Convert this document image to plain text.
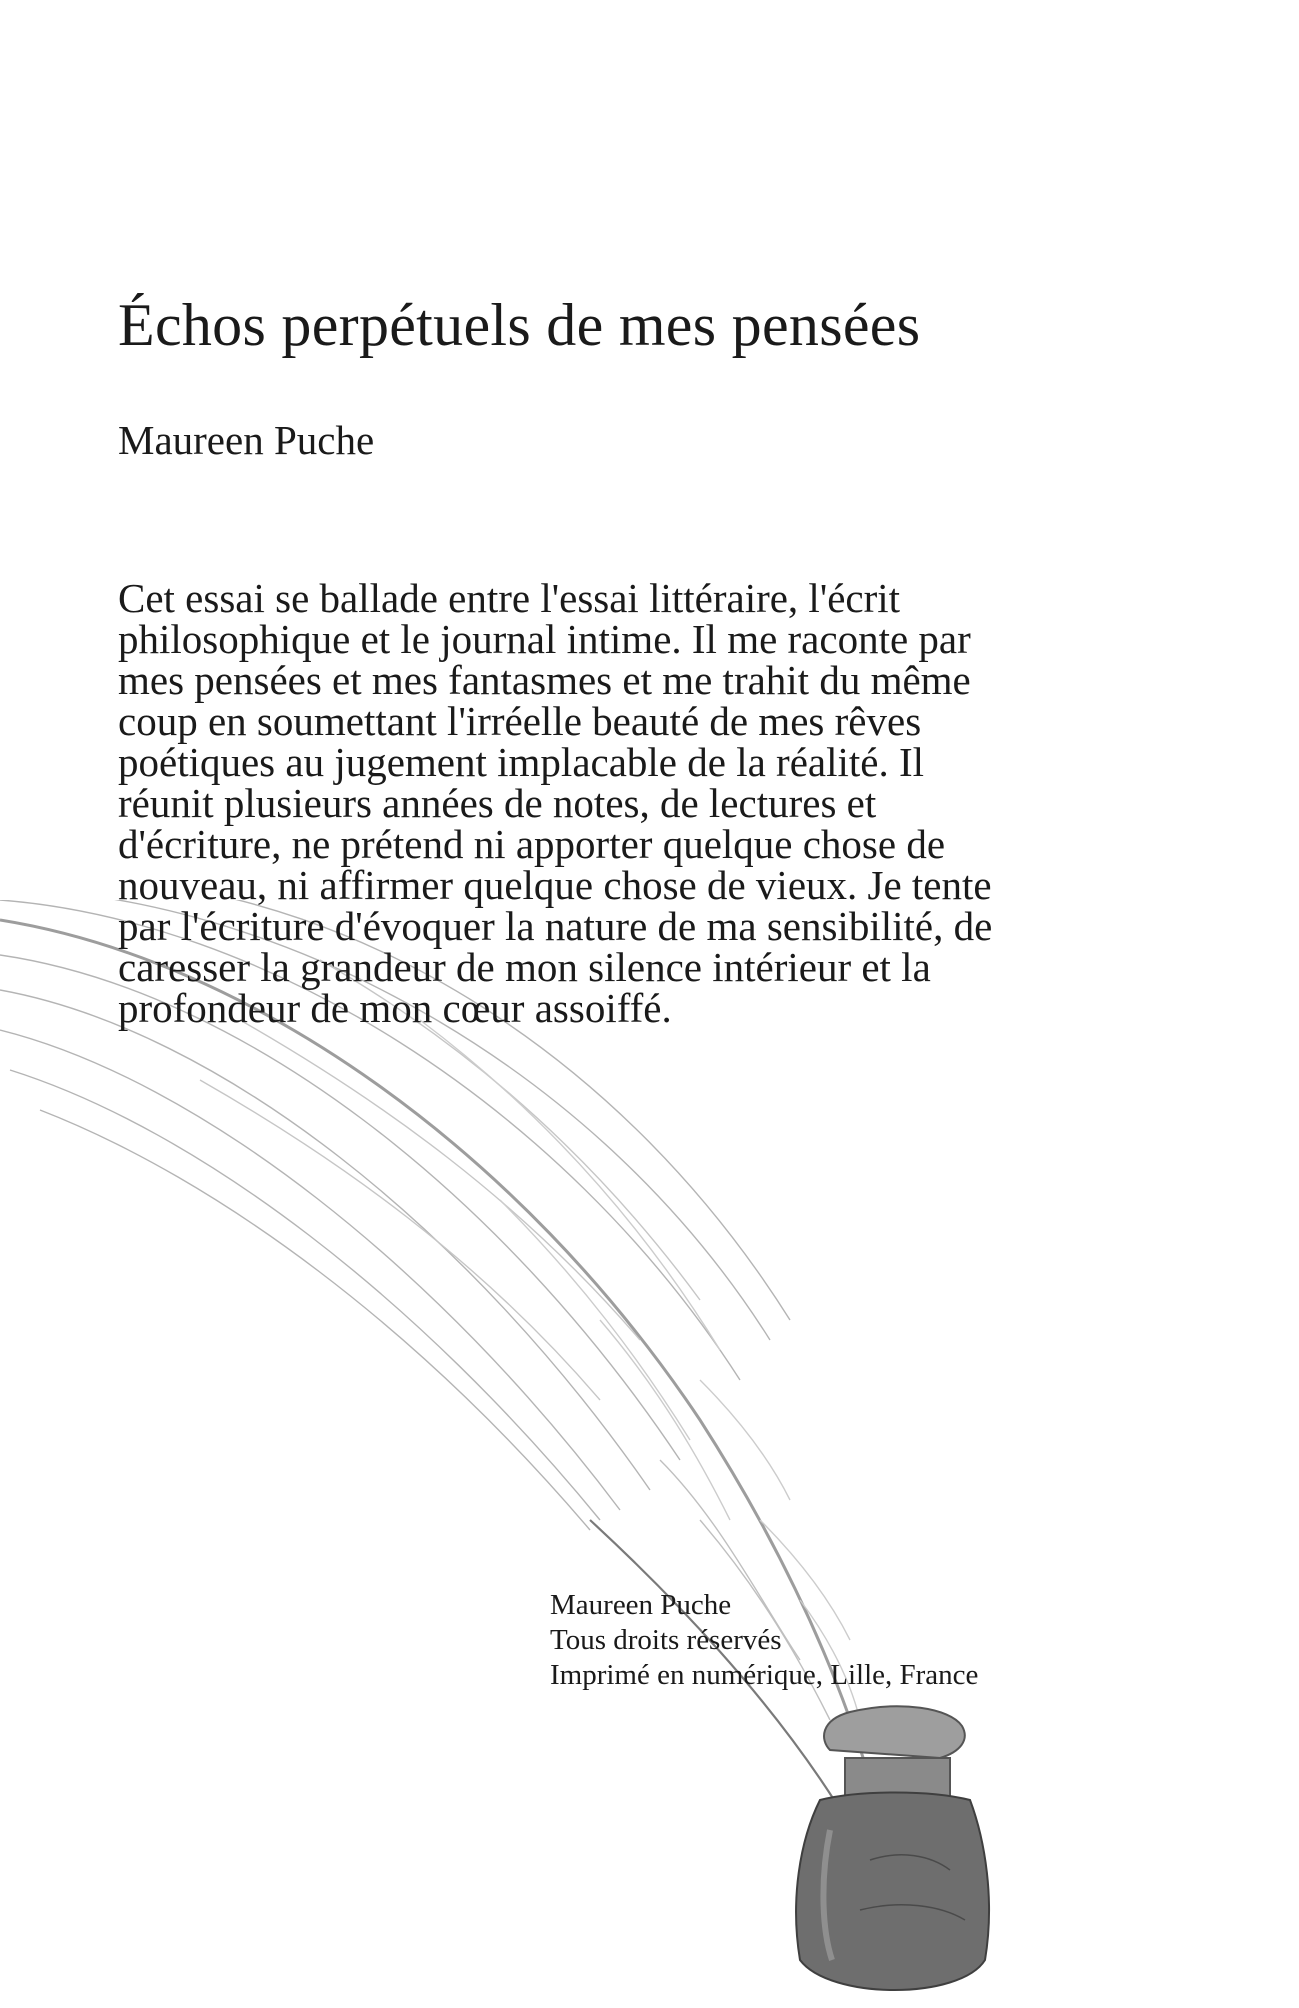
Échos perpétuels de mes pensées
Maureen Puche

Cet essai se ballade entre l'essai littéraire, l'écrit philosophique et le journal intime. Il me raconte par mes pensées et mes fantasmes et me trahit du même coup en soumettant l'irréelle beauté de mes rêves poétiques au jugement implacable de la réalité. Il réunit plusieurs années de notes, de lectures et d'écriture, ne prétend ni apporter quelque chose de nouveau, ni affirmer quelque chose de vieux. Je tente par l'écriture d'évoquer la nature de ma sensibilité, de caresser la grandeur de mon silence intérieur et la profondeur de mon cœur assoiffé.

Maureen Puche
Tous droits réservés
Imprimé en numérique, Lille, France
